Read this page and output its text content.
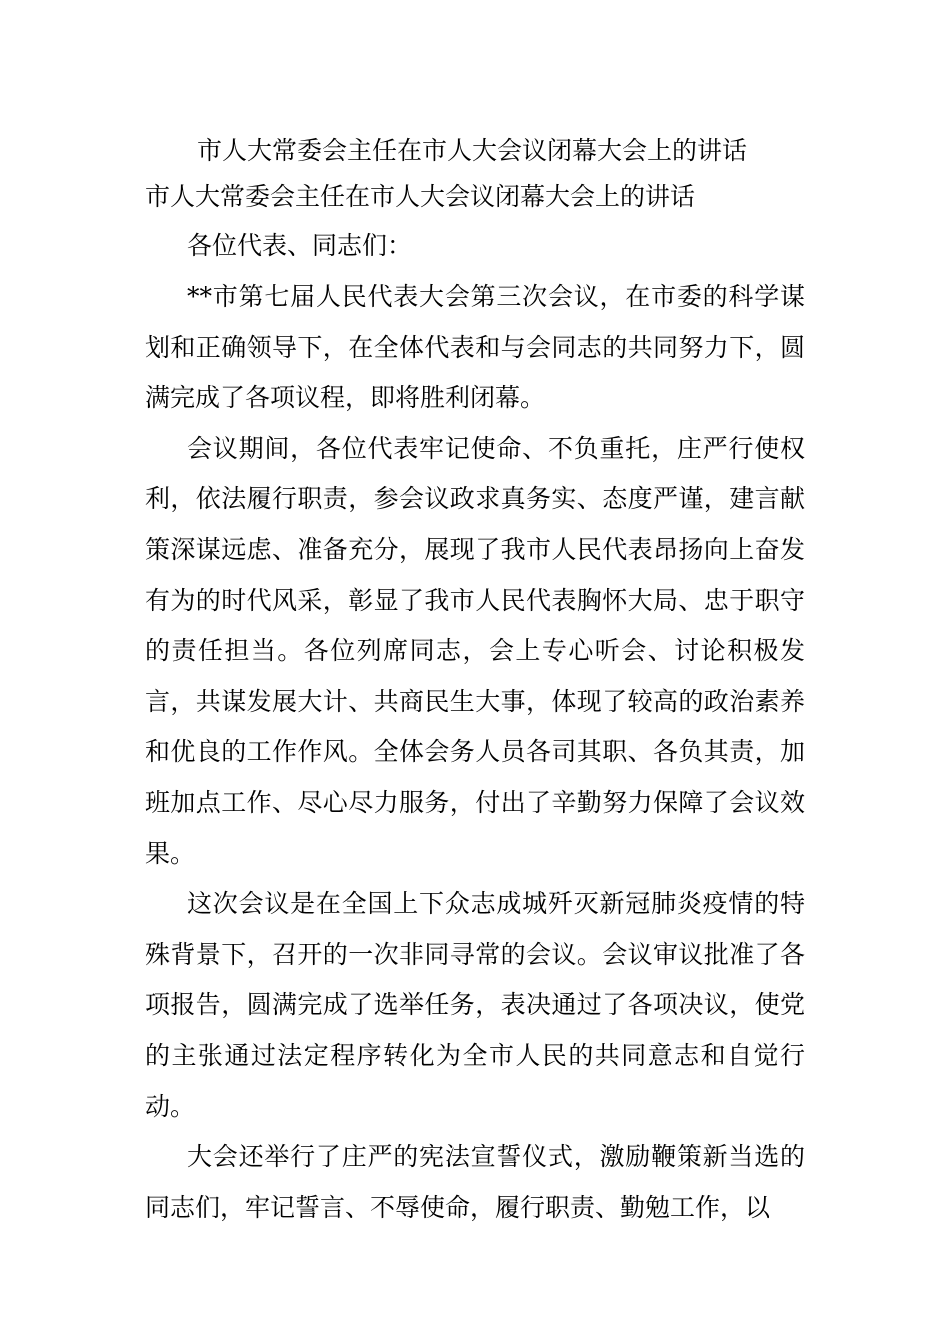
市人大常委会主任在市人大会议闭幕大会上的讲话
市人大常委会主任在市人大会议闭幕大会上的讲话

各位代表、同志们：

**市第七届人民代表大会第三次会议，在市委的科学谋划和正确领导下，在全体代表和与会同志的共同努力下，圆满完成了各项议程，即将胜利闭幕。

会议期间，各位代表牢记使命、不负重托，庄严行使权利，依法履行职责，参会议政求真务实、态度严谨，建言献策深谋远虑、准备充分，展现了我市人民代表昂扬向上奋发有为的时代风采，彰显了我市人民代表胸怀大局、忠于职守的责任担当。各位列席同志，会上专心听会、讨论积极发言，共谋发展大计、共商民生大事，体现了较高的政治素养和优良的工作作风。全体会务人员各司其职、各负其责，加班加点工作、尽心尽力服务，付出了辛勤努力保障了会议效果。

这次会议是在全国上下众志成城歼灭新冠肺炎疫情的特殊背景下，召开的一次非同寻常的会议。会议审议批准了各项报告，圆满完成了选举任务，表决通过了各项决议，使党的主张通过法定程序转化为全市人民的共同意志和自觉行动。

大会还举行了庄严的宪法宣誓仪式，激励鞭策新当选的同志们，牢记誓言、不辱使命，履行职责、勤勉工作，以
